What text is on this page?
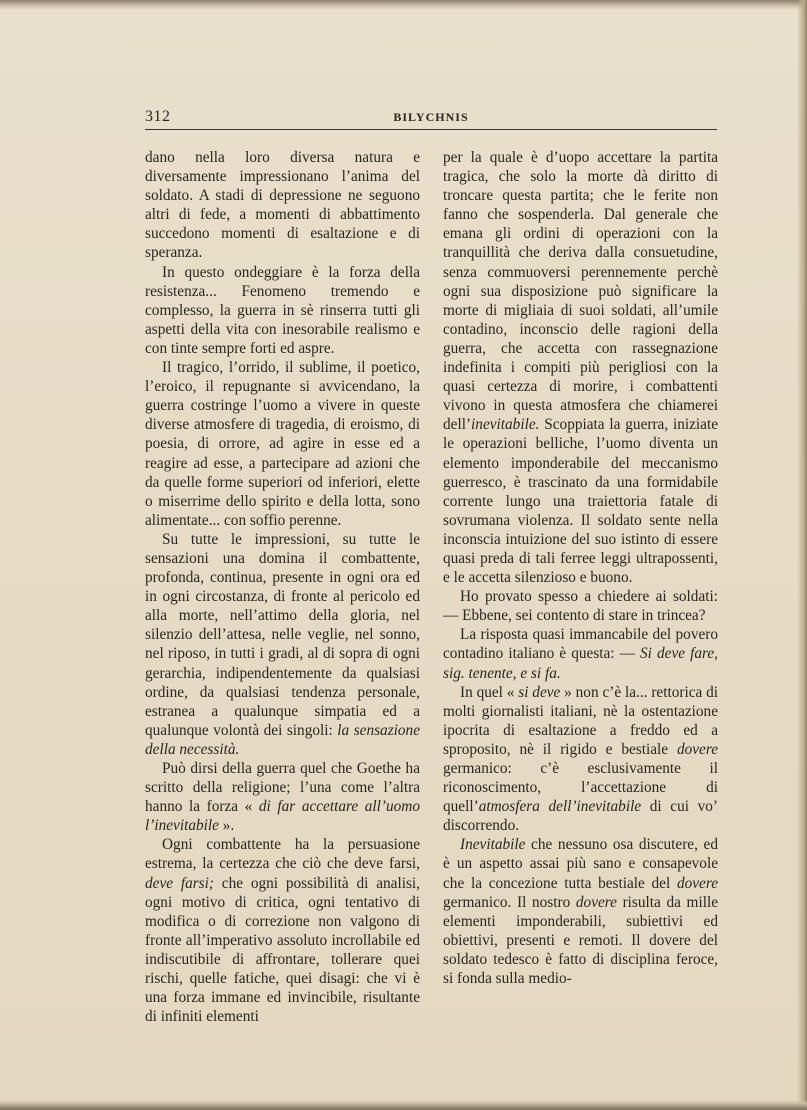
312	BILYCHNIS

dano nella loro diversa natura e diversamente impressionano l’anima del soldato. A stadi di depressione ne seguono altri di fede, a momenti di abbattimento succedono momenti di esaltazione e di speranza.

In questo ondeggiare è la forza della resistenza... Fenomeno tremendo e complesso, la guerra in sè rinserra tutti gli aspetti della vita con inesorabile realismo e con tinte sempre forti ed aspre.

Il tragico, l’orrido, il sublime, il poetico, l’eroico, il repugnante si avvicendano, la guerra costringe l’uomo a vivere in queste diverse atmosfere di tragedia, di eroismo, di poesia, di orrore, ad agire in esse ed a reagire ad esse, a partecipare ad azioni che da quelle forme superiori od inferiori, elette o miserrime dello spirito e della lotta, sono alimentate... con soffio perenne.

Su tutte le impressioni, su tutte le sensazioni una domina il combattente, profonda, continua, presente in ogni ora ed in ogni circostanza, di fronte al pericolo ed alla morte, nell’attimo della gloria, nel silenzio dell’attesa, nelle veglie, nel sonno, nel riposo, in tutti i gradi, al di sopra di ogni gerarchia, indipendentemente da qualsiasi ordine, da qualsiasi tendenza personale, estranea a qualunque simpatia ed a qualunque volontà dei singoli: la sensazione della necessità.

Può dirsi della guerra quel che Goethe ha scritto della religione; l’una come l’altra hanno la forza « di far accettare all’uomo l’inevitabile ».

Ogni combattente ha la persuasione estrema, la certezza che ciò che deve farsi, deve farsi; che ogni possibilità di analisi, ogni motivo di critica, ogni tentativo di modifica o di correzione non valgono di fronte all’imperativo assoluto incrollabile ed indiscutibile di affrontare, tollerare quei rischi, quelle fatiche, quei disagi: che vi è una forza immane ed invincibile, risultante di infiniti elementi

per la quale è d’uopo accettare la partita tragica, che solo la morte dà diritto di troncare questa partita; che le ferite non fanno che sospenderla. Dal generale che emana gli ordini di operazioni con la tranquillità che deriva dalla consuetudine, senza commuoversi perennemente perchè ogni sua disposizione può significare la morte di migliaia di suoi soldati, all’umile contadino, inconscio delle ragioni della guerra, che accetta con rassegnazione indefinita i compiti più perigliosi con la quasi certezza di morire, i combattenti vivono in questa atmosfera che chiamerei dell’inevitabile. Scoppiata la guerra, iniziate le operazioni belliche, l’uomo diventa un elemento imponderabile del meccanismo guerresco, è trascinato da una formidabile corrente lungo una traiettoria fatale di sovrumana violenza. Il soldato sente nella inconscia intuizione del suo istinto di essere quasi preda di tali ferree leggi ultrapossenti, e le accetta silenzioso e buono.

Ho provato spesso a chiedere ai soldati: — Ebbene, sei contento di stare in trincea?

La risposta quasi immancabile del povero contadino italiano è questa: — Si deve fare, sig. tenente, e si fa.

In quel « si deve » non c’è la... rettorica di molti giornalisti italiani, nè la ostentazione ipocrita di esaltazione a freddo ed a sproposito, nè il rigido e bestiale dovere germanico: c’è esclusivamente il riconoscimento, l’accettazione di quell’atmosfera dell’inevitabile di cui vo’ discorrendo.

Inevitabile che nessuno osa discutere, ed è un aspetto assai più sano e consapevole che la concezione tutta bestiale del dovere germanico. Il nostro dovere risulta da mille elementi imponderabili, subiettivi ed obiettivi, presenti e remoti. Il dovere del soldato tedesco è fatto di disciplina feroce, si fonda sulla medio-
